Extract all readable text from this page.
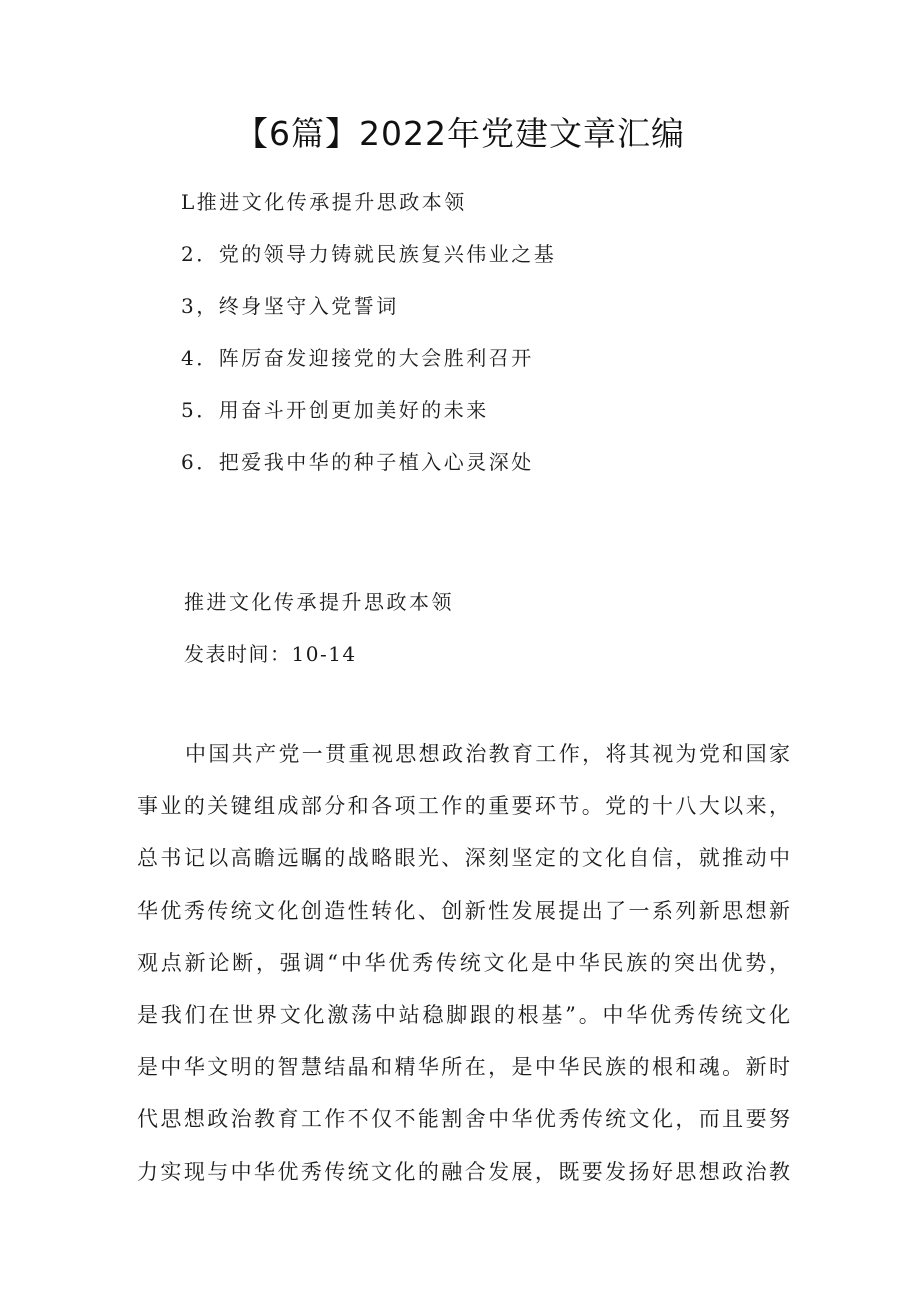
【6篇】2022年党建文章汇编
L推进文化传承提升思政本领
2．党的领导力铸就民族复兴伟业之基
3，终身坚守入党誓词
4．阵厉奋发迎接党的大会胜利召开
5．用奋斗开创更加美好的未来
6．把爱我中华的种子植入心灵深处
推进文化传承提升思政本领
发表时间：10-14
中国共产党一贯重视思想政治教育工作，将其视为党和国家
事业的关键组成部分和各项工作的重要环节。党的十八大以来，
总书记以高瞻远瞩的战略眼光、深刻坚定的文化自信，就推动中
华优秀传统文化创造性转化、创新性发展提出了一系列新思想新
观点新论断，强调“中华优秀传统文化是中华民族的突出优势，
是我们在世界文化激荡中站稳脚跟的根基”。中华优秀传统文化
是中华文明的智慧结晶和精华所在，是中华民族的根和魂。新时
代思想政治教育工作不仅不能割舍中华优秀传统文化，而且要努
力实现与中华优秀传统文化的融合发展，既要发扬好思想政治教
